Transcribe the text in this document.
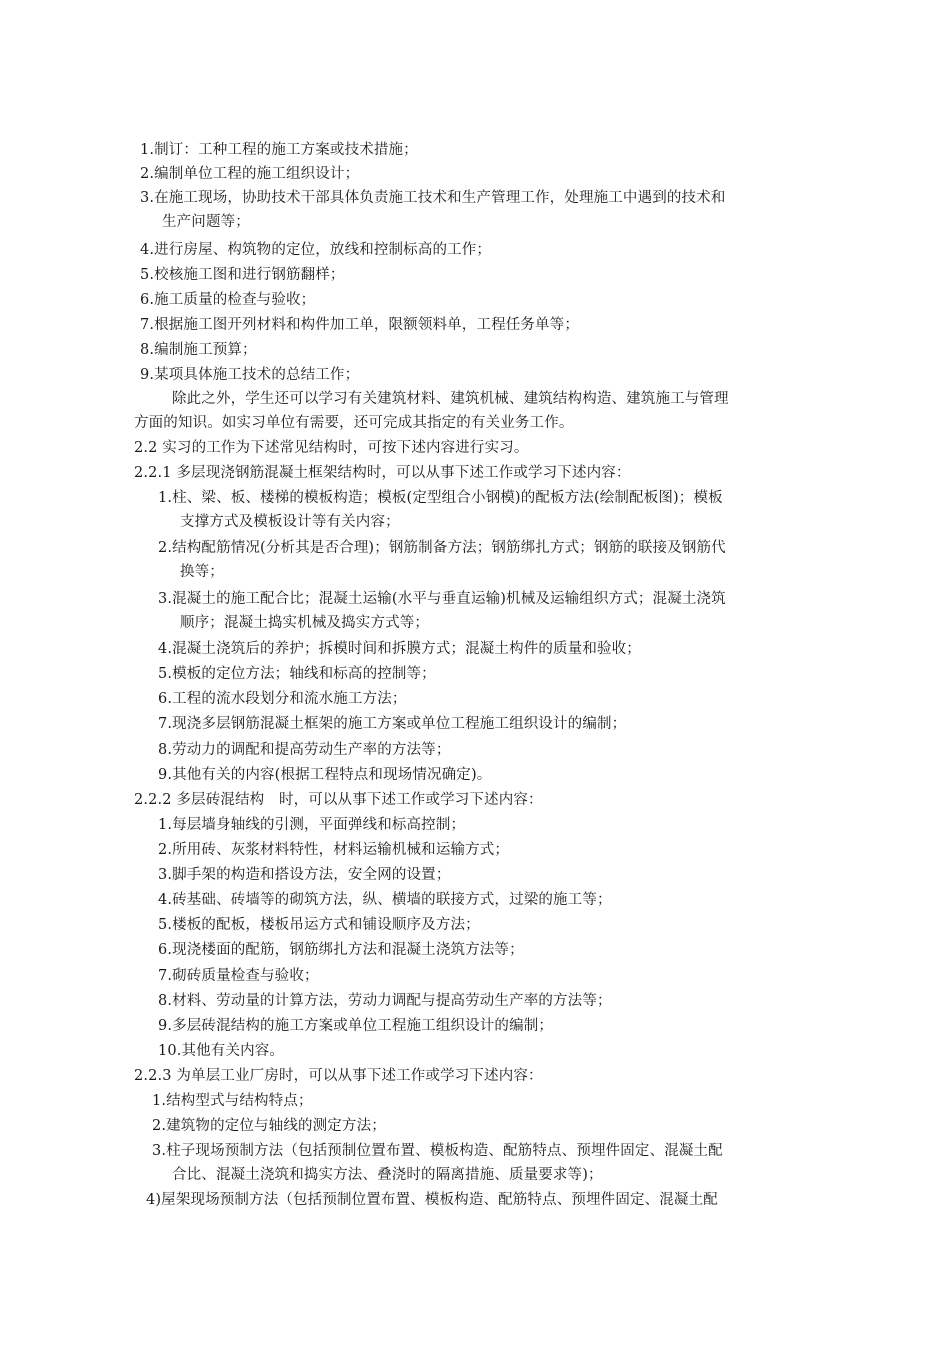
1.制订：工种工程的施工方案或技术措施；
2.编制单位工程的施工组织设计；
3.在施工现场，协助技术干部具体负责施工技术和生产管理工作，处理施工中遇到的技术和
生产问题等；
4.进行房屋、构筑物的定位，放线和控制标高的工作；
5.校核施工图和进行钢筋翻样；
6.施工质量的检查与验收；
7.根据施工图开列材料和构件加工单，限额领料单，工程任务单等；
8.编制施工预算；
9.某项具体施工技术的总结工作；
除此之外，学生还可以学习有关建筑材料、建筑机械、建筑结构构造、建筑施工与管理
方面的知识。如实习单位有需要，还可完成其指定的有关业务工作。
2.2 实习的工作为下述常见结构时，可按下述内容进行实习。
2.2.1 多层现浇钢筋混凝土框架结构时，可以从事下述工作或学习下述内容：
1.柱、梁、板、楼梯的模板构造；模板(定型组合小钢模)的配板方法(绘制配板图)；模板
支撑方式及模板设计等有关内容；
2.结构配筋情况(分析其是否合理)；钢筋制备方法；钢筋绑扎方式；钢筋的联接及钢筋代
换等；
3.混凝土的施工配合比；混凝土运输(水平与垂直运输)机械及运输组织方式；混凝土浇筑
顺序；混凝土捣实机械及捣实方式等；
4.混凝土浇筑后的养护；拆模时间和拆膜方式；混凝土构件的质量和验收；
5.模板的定位方法；轴线和标高的控制等；
6.工程的流水段划分和流水施工方法；
7.现浇多层钢筋混凝土框架的施工方案或单位工程施工组织设计的编制；
8.劳动力的调配和提高劳动生产率的方法等；
9.其他有关的内容(根据工程特点和现场情况确定)。
2.2.2 多层砖混结构　时，可以从事下述工作或学习下述内容：
1.每层墙身轴线的引测，平面弹线和标高控制；
2.所用砖、灰浆材料特性，材料运输机械和运输方式；
3.脚手架的构造和搭设方法，安全网的设置；
4.砖基础、砖墙等的砌筑方法，纵、横墙的联接方式，过梁的施工等；
5.楼板的配板，楼板吊运方式和铺设顺序及方法；
6.现浇楼面的配筋，钢筋绑扎方法和混凝土浇筑方法等；
7.砌砖质量检查与验收；
8.材料、劳动量的计算方法，劳动力调配与提高劳动生产率的方法等；
9.多层砖混结构的施工方案或单位工程施工组织设计的编制；
10.其他有关内容。
2.2.3 为单层工业厂房时，可以从事下述工作或学习下述内容：
1.结构型式与结构特点；
2.建筑物的定位与轴线的测定方法；
3.柱子现场预制方法（包括预制位置布置、模板构造、配筋特点、预埋件固定、混凝土配
合比、混凝土浇筑和捣实方法、叠浇时的隔离措施、质量要求等)；
4)屋架现场预制方法（包括预制位置布置、模板构造、配筋特点、预埋件固定、混凝土配
